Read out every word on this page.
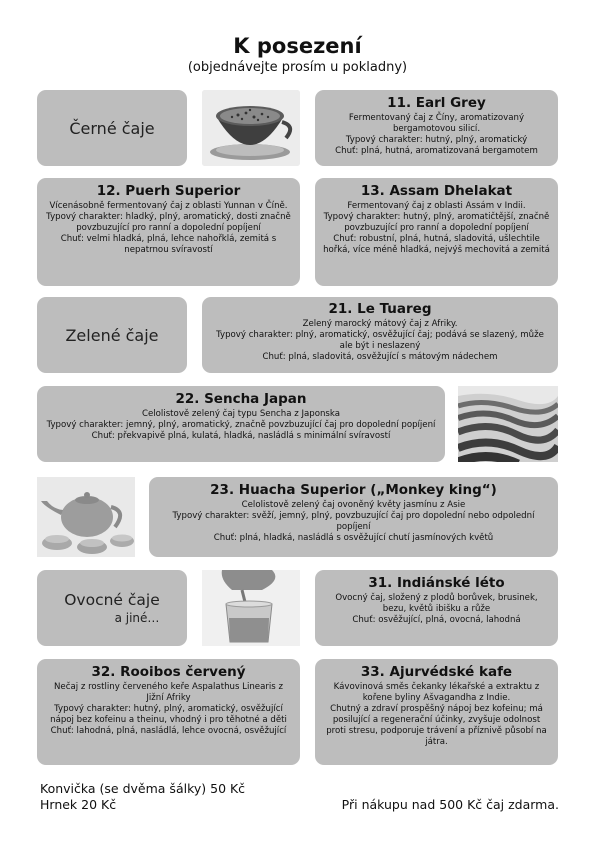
K posezení
(objednávejte prosím u pokladny)
Černé čaje
11. Earl Grey

Fermentovaný čaj z Číny, aromatizovaný bergamotovou silicí.

Typový charakter: hutný, plný, aromatický

Chuť: plná, hutná, aromatizovaná bergamotem

12. Puerh Superior

Vícenásobně fermentovaný čaj z oblasti Yunnan v Číně.

Typový charakter: hladký, plný, aromatický, dosti značně povzbuzující pro ranní a dopolední popíjení

Chuť: velmi hladká, plná, lehce nahořklá, zemitá s nepatrnou svíravostí

13. Assam Dhelakat

Fermentovaný čaj z oblasti Assám v Indii.

Typový charakter: hutný, plný, aromatičtější, značně povzbuzující pro ranní a dopolední popíjení

Chuť: robustní, plná, hutná, sladovitá, ušlechtile hořká, více méně hladká, nejvýš mechovitá a zemitá

Zelené čaje
21. Le Tuareg

Zelený marocký mátový čaj z Afriky.

Typový charakter: plný, aromatický, osvěžující čaj; podává se slazený, může ale být i neslazený

Chuť: plná, sladovitá, osvěžující s mátovým nádechem

22. Sencha Japan

Celolistově zelený čaj typu Sencha z Japonska

Typový charakter: jemný, plný, aromatický, značně povzbuzující čaj pro dopolední popíjení

Chuť: překvapivě plná, kulatá, hladká, nasládlá s minimální svíravostí

23. Huacha Superior („Monkey king“)

Celolistově zelený čaj ovoněný květy jasmínu z Asie

Typový charakter: svěží, jemný, plný, povzbuzující čaj pro dopolední nebo odpolední popíjení

Chuť: plná, hladká, nasládlá s osvěžující chutí jasmínových květů

Ovocné čaje
a jiné…
31. Indiánské léto

Ovocný čaj, složený z plodů borůvek, brusinek, bezu, květů ibišku a růže

Chuť: osvěžující, plná, ovocná, lahodná

32. Rooibos červený

Nečaj z rostliny červeného keře Aspalathus Linearis z Jižní Afriky

Typový charakter: hutný, plný, aromatický, osvěžující nápoj bez kofeinu a theinu, vhodný i pro těhotné a děti

Chuť: lahodná, plná, nasládlá, lehce ovocná, osvěžující

33. Ajurvédské kafe

Kávovinová směs čekanky lékařské a extraktu z kořene byliny Ašvagandha z Indie.

Chutný a zdraví prospěšný nápoj bez kofeinu; má posilující a regenerační účinky, zvyšuje odolnost proti stresu, podporuje trávení a příznivě působí na játra.

Konvička (se dvěma šálky) 50 Kč
Hrnek 20 Kč	Při nákupu nad 500 Kč čaj zdarma.
